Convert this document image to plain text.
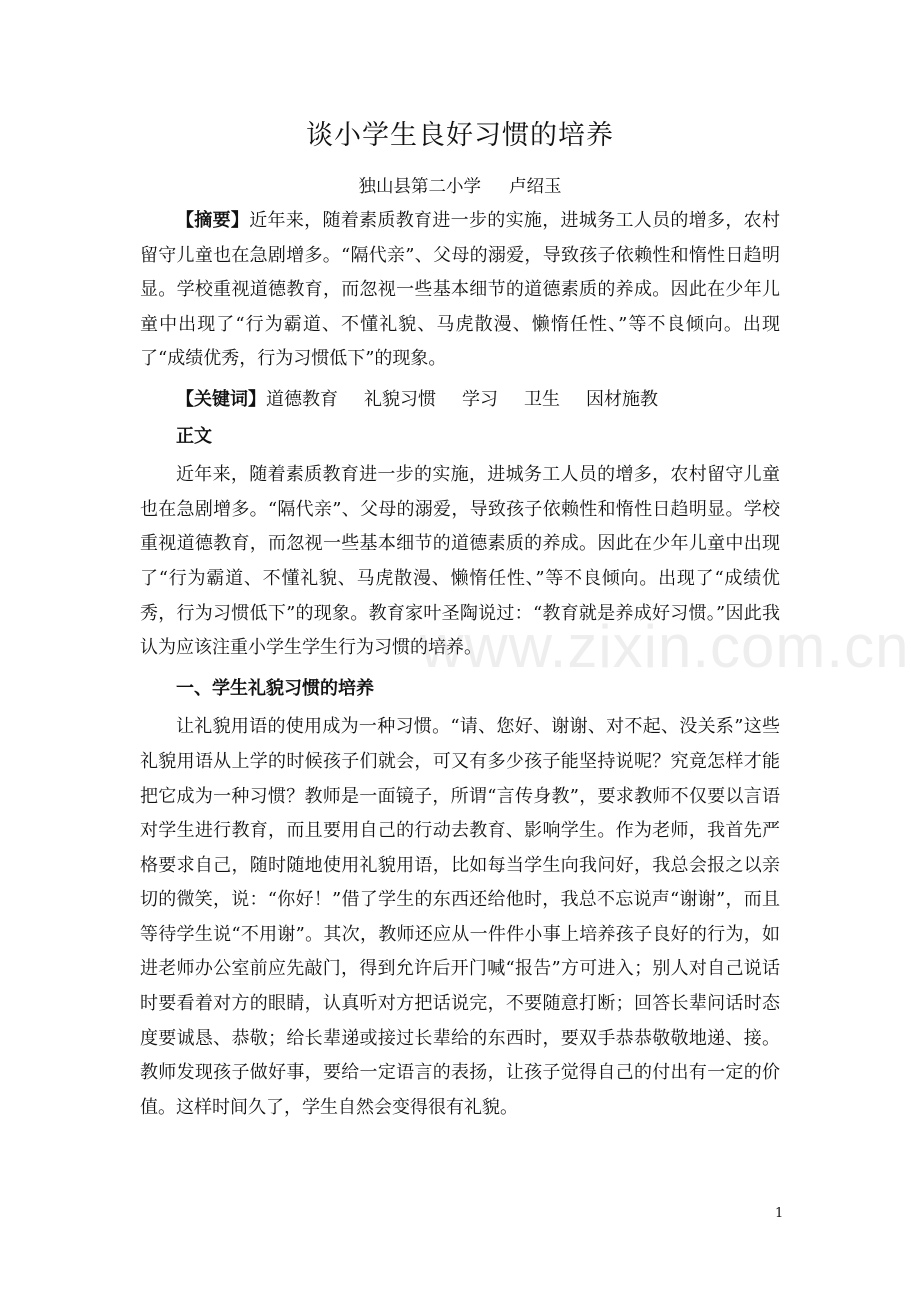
www.zixin.com.cn
谈小学生良好习惯的培养

独山县第二小学 卢绍玉

【摘要】近年来，随着素质教育进一步的实施，进城务工人员的增多，农村留守儿童也在急剧增多。“隔代亲”、父母的溺爱，导致孩子依赖性和惰性日趋明显。学校重视道德教育，而忽视一些基本细节的道德素质的养成。因此在少年儿童中出现了“行为霸道、不懂礼貌、马虎散漫、懒惰任性、”等不良倾向。出现了“成绩优秀，行为习惯低下”的现象。

【关键词】道德教育 礼貌习惯 学习 卫生 因材施教

正文

近年来，随着素质教育进一步的实施，进城务工人员的增多，农村留守儿童也在急剧增多。“隔代亲”、父母的溺爱，导致孩子依赖性和惰性日趋明显。学校重视道德教育，而忽视一些基本细节的道德素质的养成。因此在少年儿童中出现了“行为霸道、不懂礼貌、马虎散漫、懒惰任性、”等不良倾向。出现了“成绩优秀，行为习惯低下”的现象。教育家叶圣陶说过：“教育就是养成好习惯。”因此我认为应该注重小学生学生行为习惯的培养。

一、学生礼貌习惯的培养

让礼貌用语的使用成为一种习惯。“请、您好、谢谢、对不起、没关系”这些礼貌用语从上学的时候孩子们就会，可又有多少孩子能坚持说呢？究竟怎样才能把它成为一种习惯？教师是一面镜子，所谓“言传身教”，要求教师不仅要以言语对学生进行教育，而且要用自己的行动去教育、影响学生。作为老师，我首先严格要求自己，随时随地使用礼貌用语，比如每当学生向我问好，我总会报之以亲切的微笑，说：“你好！”借了学生的东西还给他时，我总不忘说声“谢谢”，而且等待学生说“不用谢”。其次，教师还应从一件件小事上培养孩子良好的行为，如进老师办公室前应先敲门，得到允许后开门喊“报告”方可进入；别人对自己说话时要看着对方的眼睛，认真听对方把话说完，不要随意打断；回答长辈问话时态度要诚恳、恭敬；给长辈递或接过长辈给的东西时，要双手恭恭敬敬地递、接。教师发现孩子做好事，要给一定语言的表扬，让孩子觉得自己的付出有一定的价值。这样时间久了，学生自然会变得很有礼貌。

1
